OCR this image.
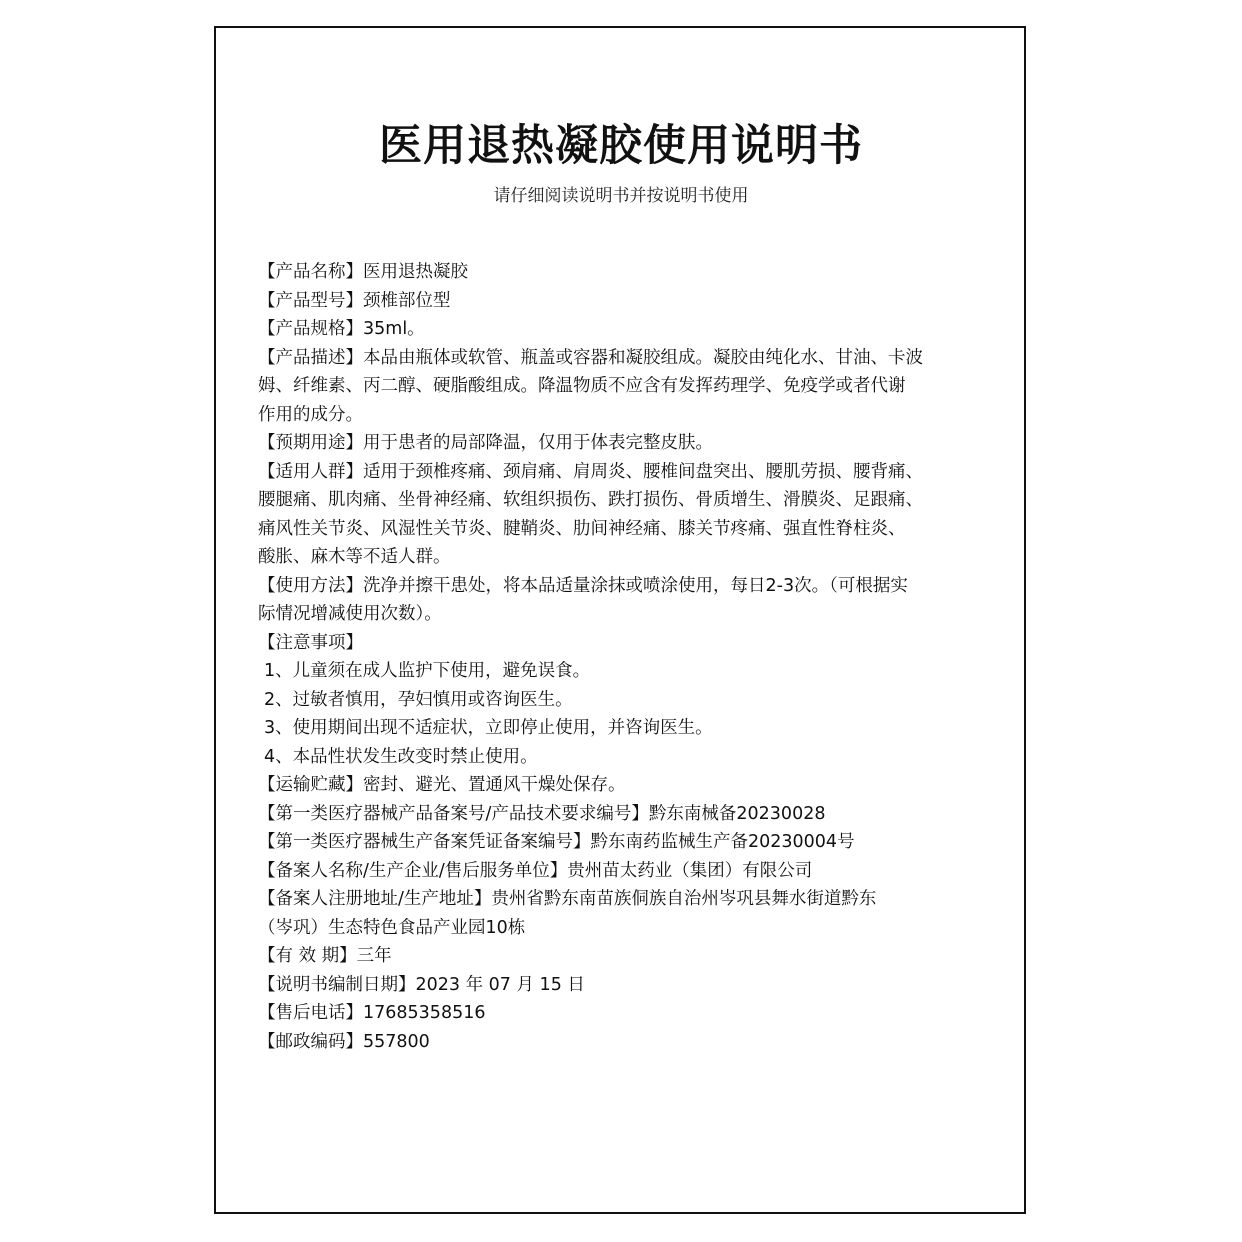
医用退热凝胶使用说明书
请仔细阅读说明书并按说明书使用
【产品名称】医用退热凝胶
【产品型号】颈椎部位型
【产品规格】35ml。
【产品描述】本品由瓶体或软管、瓶盖或容器和凝胶组成。凝胶由纯化水、甘油、卡波
姆、纤维素、丙二醇、硬脂酸组成。降温物质不应含有发挥药理学、免疫学或者代谢
作用的成分。
【预期用途】用于患者的局部降温，仅用于体表完整皮肤。
【适用人群】适用于颈椎疼痛、颈肩痛、肩周炎、腰椎间盘突出、腰肌劳损、腰背痛、
腰腿痛、肌肉痛、坐骨神经痛、软组织损伤、跌打损伤、骨质增生、滑膜炎、足跟痛、
痛风性关节炎、风湿性关节炎、腱鞘炎、肋间神经痛、膝关节疼痛、强直性脊柱炎、
酸胀、麻木等不适人群。
【使用方法】洗净并擦干患处，将本品适量涂抹或喷涂使用，每日2-3次。（可根据实
际情况增减使用次数）。
【注意事项】
1、儿童须在成人监护下使用，避免误食。
2、过敏者慎用，孕妇慎用或咨询医生。
3、使用期间出现不适症状，立即停止使用，并咨询医生。
4、本品性状发生改变时禁止使用。
【运输贮藏】密封、避光、置通风干燥处保存。
【第一类医疗器械产品备案号/产品技术要求编号】黔东南械备20230028
【第一类医疗器械生产备案凭证备案编号】黔东南药监械生产备20230004号
【备案人名称/生产企业/售后服务单位】贵州苗太药业（集团）有限公司
【备案人注册地址/生产地址】贵州省黔东南苗族侗族自治州岑巩县舞水街道黔东
（岑巩）生态特色食品产业园10栋
【有 效 期】三年
【说明书编制日期】2023 年 07 月 15 日
【售后电话】17685358516
【邮政编码】557800
